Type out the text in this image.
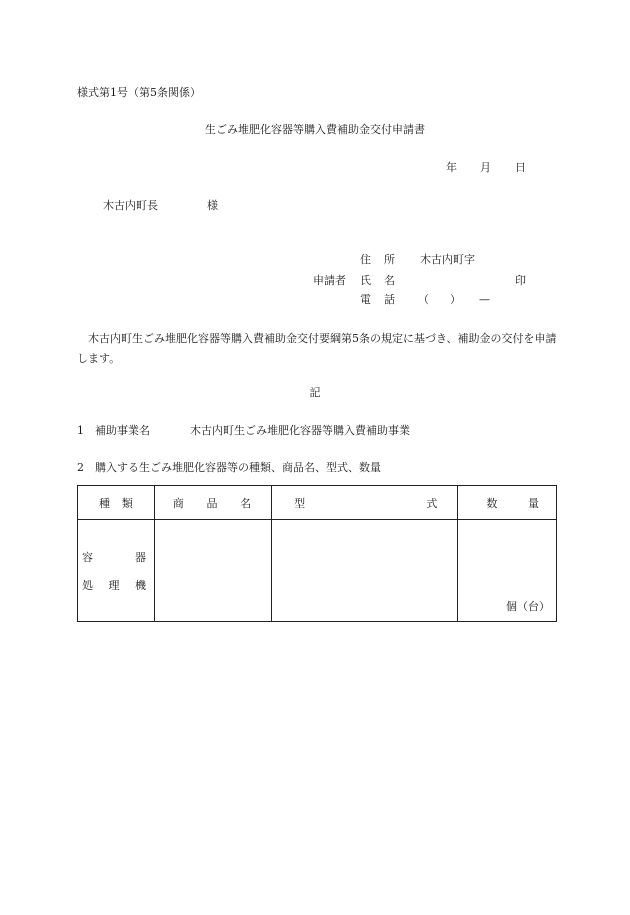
様式第1号（第5条関係）
生ごみ堆肥化容器等購入費補助金交付申請書
年 月 日
木古内町長	様
住 所 木古内町字
申請者 氏 名	印
電 話 （ ） —
木古内町生ごみ堆肥化容器等購入費補助金交付要綱第5条の規定に基づき、補助金の交付を申請します。
記
1 補助事業名	木古内町生ごみ堆肥化容器等購入費補助事業
2 購入する生ごみ堆肥化容器等の種類、商品名、型式、数量
種 類	商 品 名	型 式	数 量

容 器
処 理 機			個（台）
